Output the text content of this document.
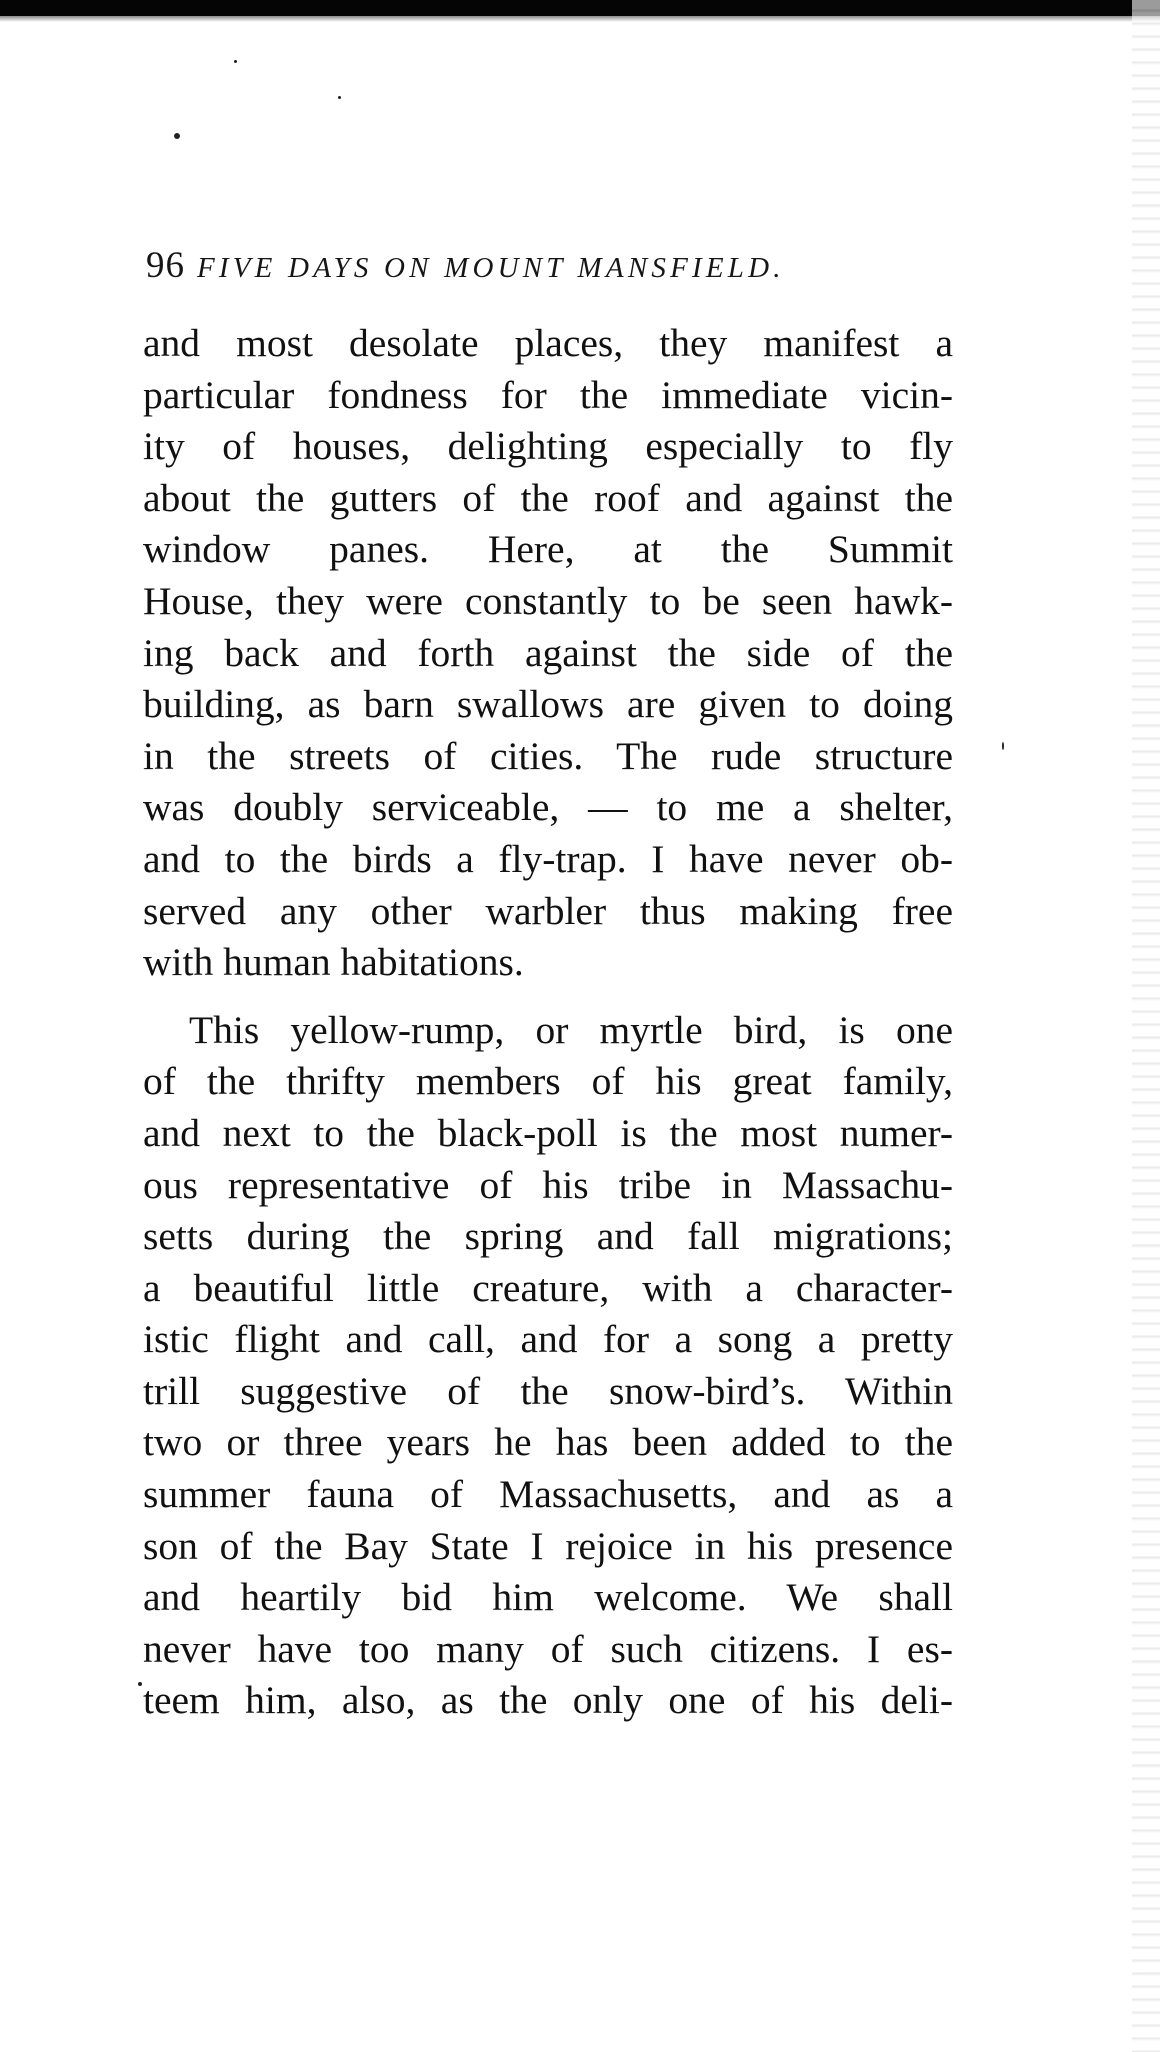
96 FIVE DAYS ON MOUNT MANSFIELD.
and most desolate places, they manifest a
particular fondness for the immediate vicin-
ity of houses, delighting especially to fly
about the gutters of the roof and against the
window panes. Here, at the Summit
House, they were constantly to be seen hawk-
ing back and forth against the side of the
building, as barn swallows are given to doing
in the streets of cities. The rude structure
was doubly serviceable, — to me a shelter,
and to the birds a fly-trap. I have never ob-
served any other warbler thus making free
with human habitations.
This yellow-rump, or myrtle bird, is one
of the thrifty members of his great family,
and next to the black-poll is the most numer-
ous representative of his tribe in Massachu-
setts during the spring and fall migrations;
a beautiful little creature, with a character-
istic flight and call, and for a song a pretty
trill suggestive of the snow-bird’s. Within
two or three years he has been added to the
summer fauna of Massachusetts, and as a
son of the Bay State I rejoice in his presence
and heartily bid him welcome. We shall
never have too many of such citizens. I es-
teem him, also, as the only one of his deli-
